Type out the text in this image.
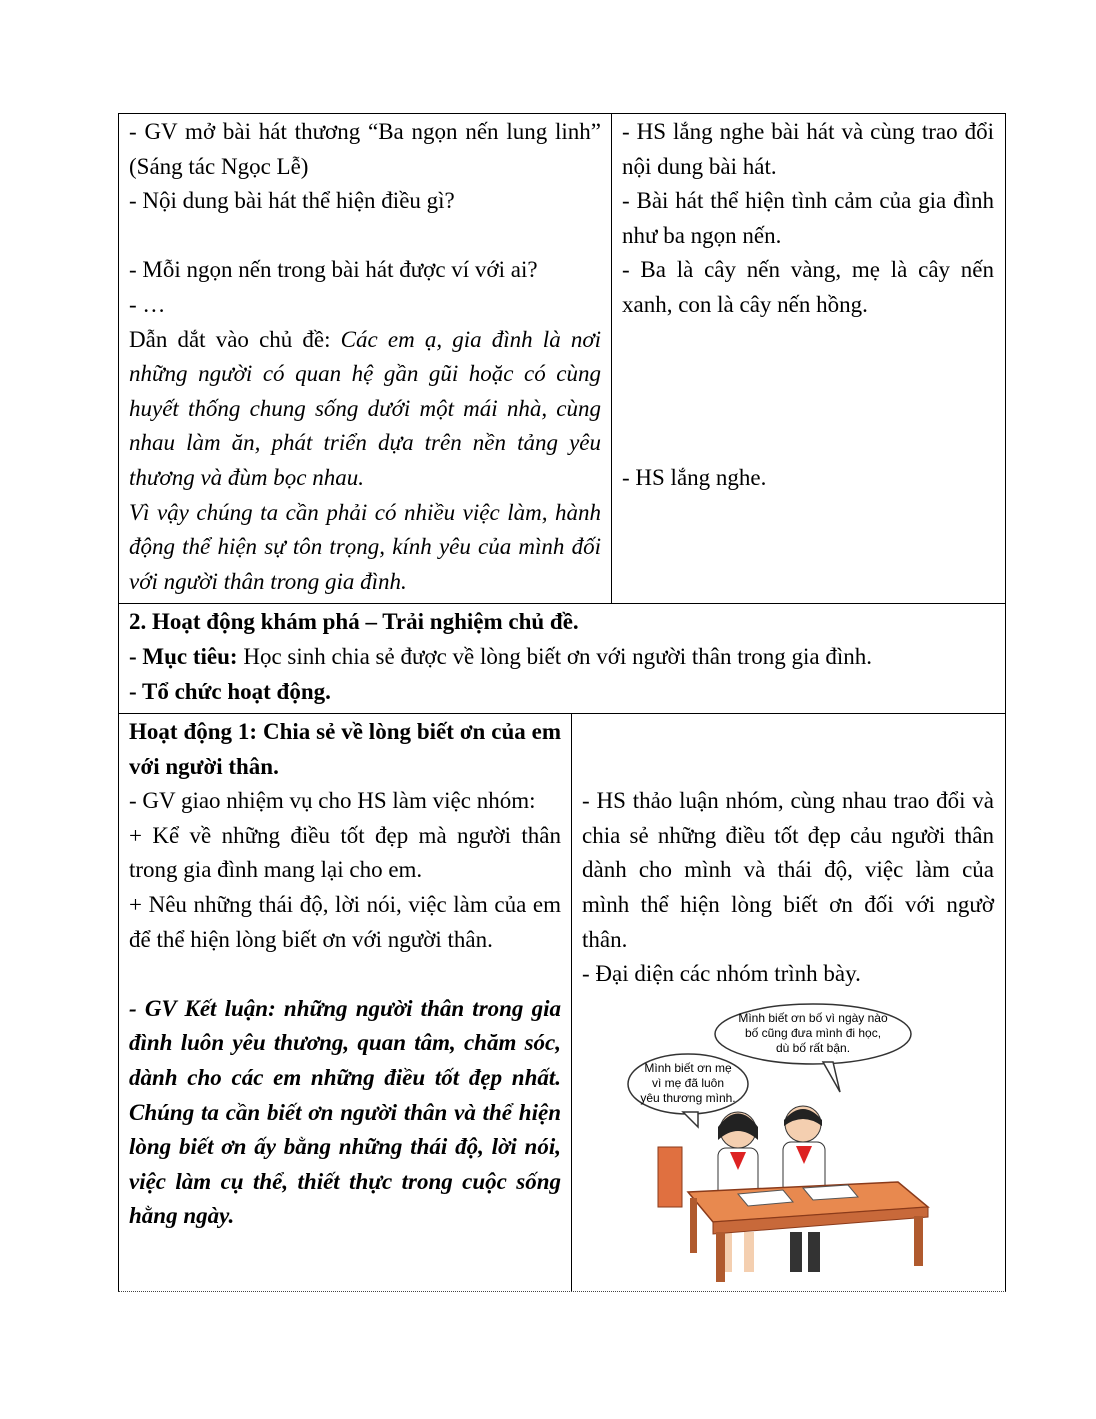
- GV mở bài hát thương “Ba ngọn nến lung linh” (Sáng tác Ngọc Lễ)

- Nội dung bài hát thể hiện điều gì?

- Mỗi ngọn nến trong bài hát được ví với ai?

- …

Dẫn dắt vào chủ đề: Các em ạ, gia đình là nơi những người có quan hệ gần gũi hoặc có cùng huyết thống chung sống dưới một mái nhà, cùng nhau làm ăn, phát triển dựa trên nền tảng yêu thương và đùm bọc nhau.

Vì vậy chúng ta cần phải có nhiều việc làm, hành động thể hiện sự tôn trọng, kính yêu của mình đối với người thân trong gia đình.

- HS lắng nghe bài hát và cùng trao đổi nội dung bài hát.

- Bài hát thể hiện tình cảm của gia đình như ba ngọn nến.

- Ba là cây nến vàng, mẹ là cây nến xanh, con là cây nến hồng.

- HS lắng nghe.

2. Hoạt động khám phá – Trải nghiệm chủ đề.

- Mục tiêu: Học sinh chia sẻ được về lòng biết ơn với người thân trong gia đình.

- Tổ chức hoạt động.

Hoạt động 1: Chia sẻ về lòng biết ơn của em với người thân.

- GV giao nhiệm vụ cho HS làm việc nhóm:

+ Kể về những điều tốt đẹp mà người thân trong gia đình mang lại cho em.

+ Nêu những thái độ, lời nói, việc làm của em để thể hiện lòng biết ơn với người thân.

- GV Kết luận: những người thân trong gia đình luôn yêu thương, quan tâm, chăm sóc, dành cho các em những điều tốt đẹp nhất. Chúng ta cần biết ơn người thân và thể hiện lòng biết ơn ấy bằng những thái độ, lời nói, việc làm cụ thể, thiết thực trong cuộc sống hằng ngày.

- HS thảo luận nhóm, cùng nhau trao đổi và chia sẻ những điều tốt đẹp cảu người thân dành cho mình và thái độ, việc làm của mình thể hiện lòng biết ơn đối với ngườ thân.

- Đại diện các nhóm trình bày.

Mình biết ơn bố vì ngày nào
bố cũng đưa mình đi học,
dù bố rất bận.
Mình biết ơn mẹ
vì mẹ đã luôn
yêu thương mình.
